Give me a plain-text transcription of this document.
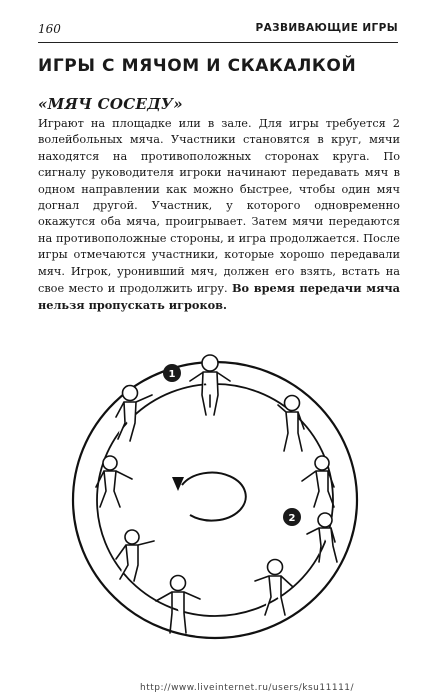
160	РАЗВИВАЮЩИЕ ИГРЫ
ИГРЫ С МЯЧОМ И СКАКАЛКОЙ
«МЯЧ СОСЕДУ»

Играют на площадке или в зале. Для игры требуется 2 волейбольных мяча. Участники становятся в круг, мячи находятся на противоположных сторонах круга. По сигналу руководителя игроки начинают передавать мяч в одном направлении как можно быстрее, чтобы один мяч догнал другой. Участник, у которого одновременно окажутся оба мяча, проигрывает. Затем мячи передаются на противоположные стороны, и игра продолжается. После игры отмечаются участники, которые хорошо передавали мяч. Игрок, уронивший мяч, должен его взять, встать на свое место и продолжить игру. Во время передачи мяча нельзя пропускать игроков.

1
2
http://www.liveinternet.ru/users/ksu11111/
